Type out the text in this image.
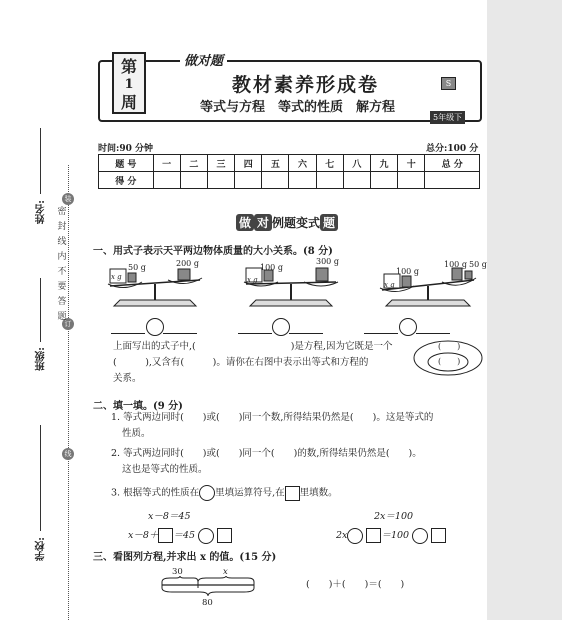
装
订
线
密
封
线
内
不
要
答
题
姓名:
班级:
学校:
第
1
周
做对题
教材素养形成卷
等式与方程　等式的性质　解方程
S
5年级下
时间:90 分钟	总分:100 分
题 号	一	二	三	四	五	六	七	八	九	十	总 分
得 分											
做 对 例题变式 题
一、用式子表示天平两边物体质量的大小关系。(8 分)
x g
50 g	200 g	100 g
x g
300 g
100 g
x g
100 g 50 g
上面写出的式子中,(　　　　　　　　　　)是方程,因为它既是一个
(　　　),又含有(　　　)。请你在右图中表示出等式和方程的
关系。
(　　)
(　　)
二、填一填。(9 分)
1. 等式两边同时(　　)或(　　)同一个数,所得结果仍然是(　　)。这是等式的
性质。
2. 等式两边同时(　　)或(　　)同一个(　　)的数,所得结果仍然是(　　)。
这也是等式的性质。
3. 根据等式的性质在 里填运算符号,在 里填数。
x－8＝45
x－8＋ ＝45
2x＝100
2x	＝100
三、看图列方程,并求出 x 的值。(15 分)
30	x
80
(　　)＋(　　)＝(　　)
